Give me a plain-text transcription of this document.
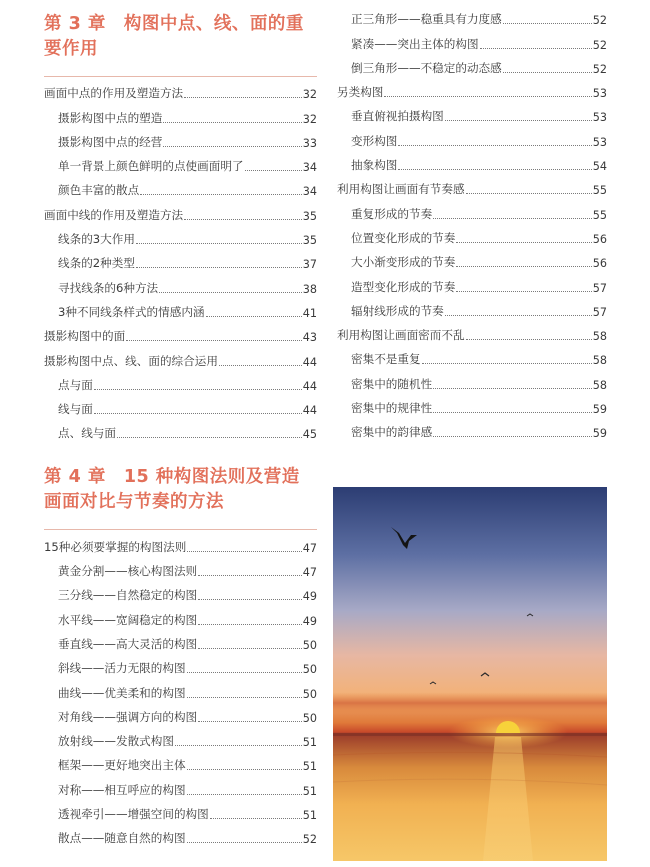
第 3 章　构图中点、线、面的重
要作用
画面中点的作用及塑造方法	32
摄影构图中点的塑造	32
摄影构图中点的经营	33
单一背景上颜色鲜明的点使画面明了	34
颜色丰富的散点	34
画面中线的作用及塑造方法	35
线条的3大作用	35
线条的2种类型	37
寻找线条的6种方法	38
3种不同线条样式的情感内涵	41
摄影构图中的面	43
摄影构图中点、线、面的综合运用	44
点与面	44
线与面	44
点、线与面	45
第 4 章　15 种构图法则及营造
画面对比与节奏的方法
15种必须要掌握的构图法则	47
黄金分割——核心构图法则	47
三分线——自然稳定的构图	49
水平线——宽阔稳定的构图	49
垂直线——高大灵活的构图	50
斜线——活力无限的构图	50
曲线——优美柔和的构图	50
对角线——强调方向的构图	50
放射线——发散式构图	51
框架——更好地突出主体	51
对称——相互呼应的构图	51
透视牵引——增强空间的构图	51
散点——随意自然的构图	52
正三角形——稳重具有力度感	52
紧凑——突出主体的构图	52
倒三角形——不稳定的动态感	52
另类构图	53
垂直俯视拍摄构图	53
变形构图	53
抽象构图	54
利用构图让画面有节奏感	55
重复形成的节奏	55
位置变化形成的节奏	56
大小渐变形成的节奏	56
造型变化形成的节奏	57
辐射线形成的节奏	57
利用构图让画面密而不乱	58
密集不是重复	58
密集中的随机性	58
密集中的规律性	59
密集中的韵律感	59
